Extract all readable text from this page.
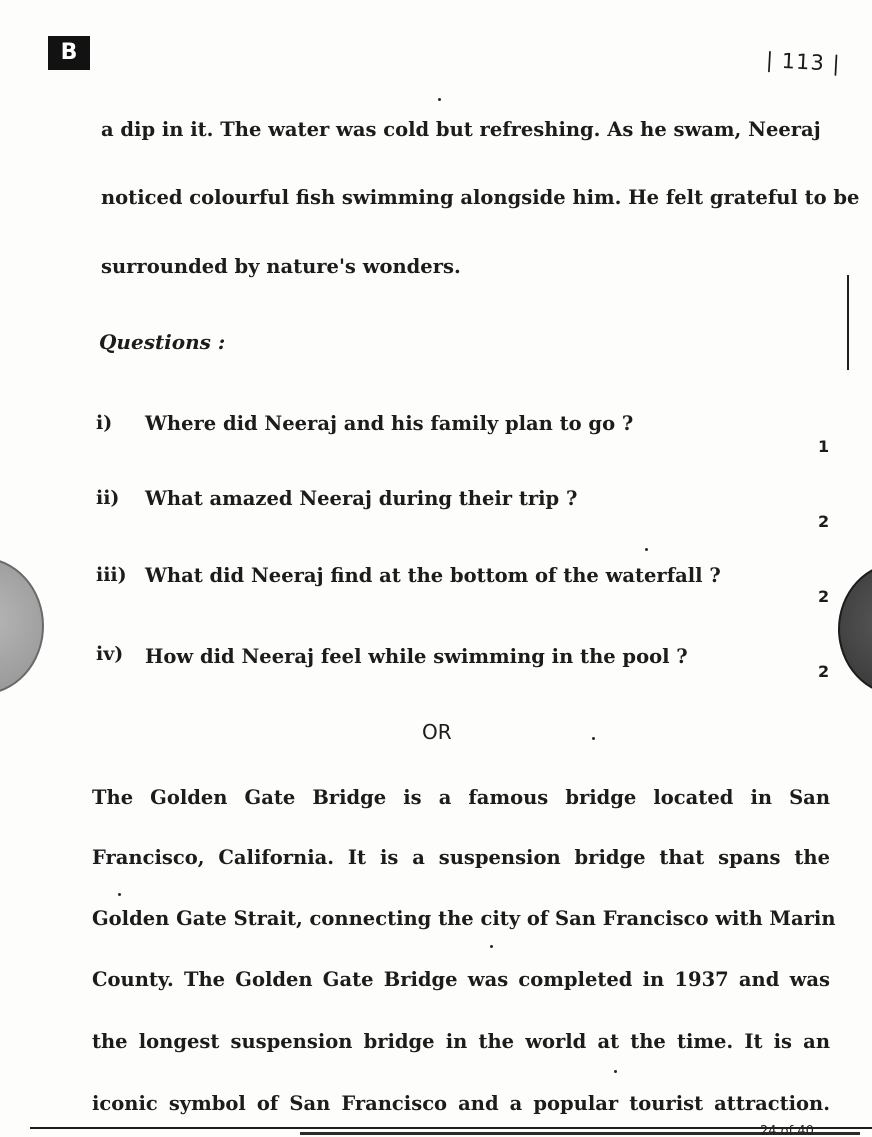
B	| 113 |
a dip in it. The water was cold but refreshing. As he swam, Neeraj
noticed colourful fish swimming alongside him. He felt grateful to be
surrounded by nature's wonders.
Questions :
i) Where did Neeraj and his family plan to go ?
1
ii) What amazed Neeraj during their trip ?
2
iii) What did Neeraj find at the bottom of the waterfall ?
2
iv) How did Neeraj feel while swimming in the pool ?
2
OR
The Golden Gate Bridge is a famous bridge located in San
Francisco, California. It is a suspension bridge that spans the
Golden Gate Strait, connecting the city of San Francisco with Marin
County. The Golden Gate Bridge was completed in 1937 and was
the longest suspension bridge in the world at the time. It is an
iconic symbol of San Francisco and a popular tourist attraction.
24 of 40
